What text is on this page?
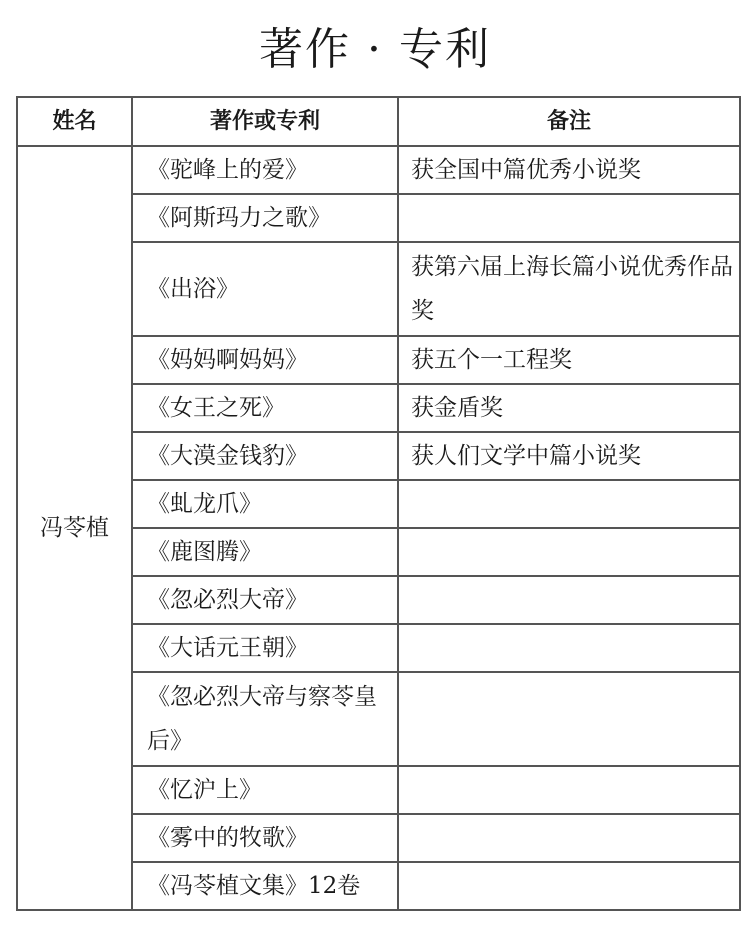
著作 · 专利
姓名	著作或专利	备注
冯苓植	《驼峰上的爱》	获全国中篇优秀小说奖
	《阿斯玛力之歌》	
	《出浴》	获第六届上海长篇小说优秀作品奖
	《妈妈啊妈妈》	获五个一工程奖
	《女王之死》	获金盾奖
	《大漠金钱豹》	获人们文学中篇小说奖
	《虬龙爪》	
	《鹿图腾》	
	《忽必烈大帝》	
	《大话元王朝》	
	《忽必烈大帝与察苓皇后》	
	《忆沪上》	
	《雾中的牧歌》	
	《冯苓植文集》12卷	
